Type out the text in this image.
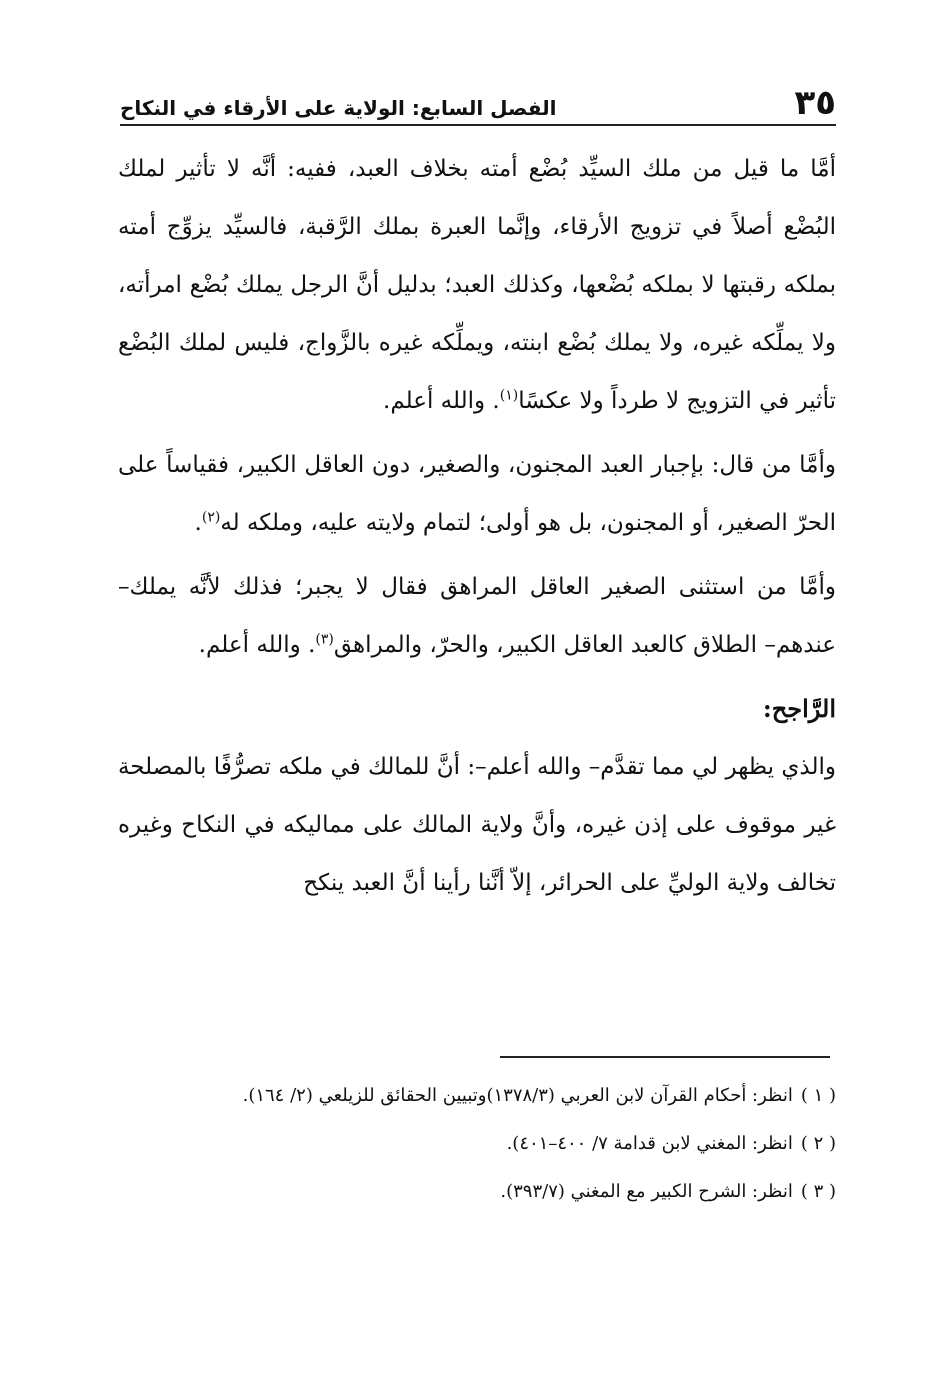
٣٥
الفصل السابع: الولاية على الأرقاء في النكاح

أمَّا ما قيل من ملك السيِّد بُضْع أمته بخلاف العبد، ففيه: أنَّه لا تأثير لملك البُضْع أصلاً في تزويج الأرقاء، وإنَّما العبرة بملك الرَّقبة، فالسيِّد يزوِّج أمته بملكه رقبتها لا بملكه بُضْعها، وكذلك العبد؛ بدليل أنَّ الرجل يملك بُضْع امرأته، ولا يملِّكه غيره، ولا يملك بُضْع ابنته، ويملِّكه غيره بالزَّواج، فليس لملك البُضْع تأثير في التزويج لا طرداً ولا عكسًا$^{(١)}$. والله أعلم.

وأمَّا من قال: بإجبار العبد المجنون، والصغير، دون العاقل الكبير، فقياساً على الحرّ الصغير، أو المجنون، بل هو أولى؛ لتمام ولايته عليه، وملكه له$^{(٢)}$.

وأمَّا من استثنى الصغير العاقل المراهق فقال لا يجبر؛ فذلك لأنَّه يملك– عندهم– الطلاق كالعبد العاقل الكبير، والحرّ، والمراهق$^{(٣)}$. والله أعلم.

الرَّاجح:

والذي يظهر لي مما تقدَّم– والله أعلم–: أنَّ للمالك في ملكه تصرُّفًا بالمصلحة غير موقوف على إذن غيره، وأنَّ ولاية المالك على مماليكه في النكاح وغيره تخالف ولاية الوليِّ على الحرائر، إلاّ أنَّنا رأينا أنَّ العبد ينكح

( ١ )انظر: أحكام القرآن لابن العربي (١٣٧٨/٣)وتبيين الحقائق للزيلعي (٢/ ١٦٤).

( ٢ )انظر: المغني لابن قدامة ٧/ ٤٠٠–٤٠١).

( ٣ )انظر: الشرح الكبير مع المغني (٣٩٣/٧).
